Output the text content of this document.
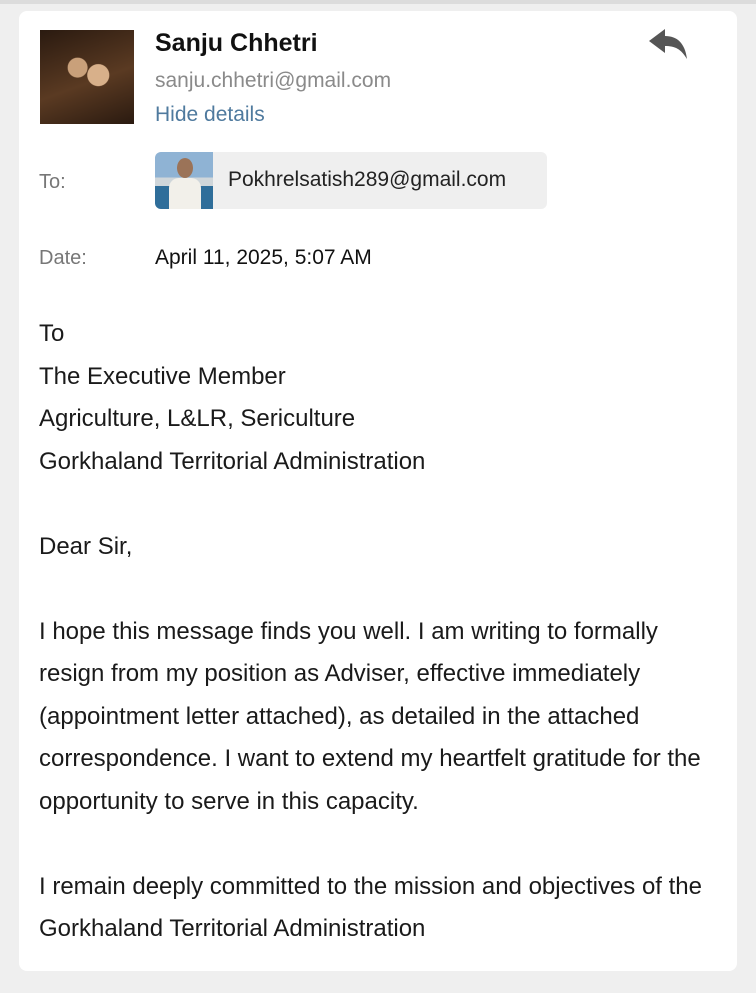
Sanju Chhetri
sanju.chhetri@gmail.com
Hide details
To:	Pokhrelsatish289@gmail.com
Date:	April 11, 2025, 5:07 AM

To
The Executive Member
Agriculture, L&LR, Sericulture
Gorkhaland Territorial Administration

Dear Sir,

I hope this message finds you well. I am writing to formally resign from my position as Adviser, effective immediately (appointment letter attached), as detailed in the attached correspondence. I want to extend my heartfelt gratitude for the opportunity to serve in this capacity.

I remain deeply committed to the mission and objectives of the Gorkhaland Territorial Administration
